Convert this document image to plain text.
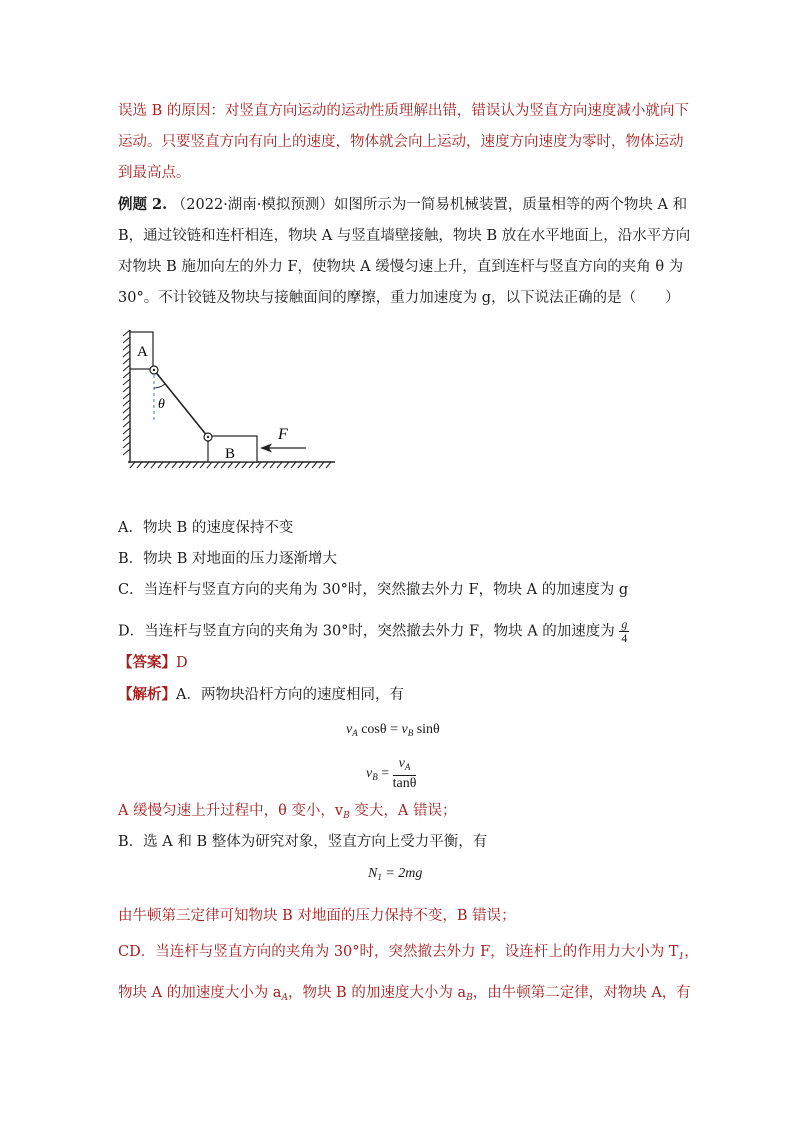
误选 B 的原因：对竖直方向运动的运动性质理解出错，错误认为竖直方向速度减小就向下
运动。只要竖直方向有向上的速度，物体就会向上运动，速度方向速度为零时，物体运动
到最高点。
例题 2. （2022·湖南·模拟预测）如图所示为一简易机械装置，质量相等的两个物块 A 和
B，通过铰链和连杆相连，物块 A 与竖直墙壁接触，物块 B 放在水平地面上，沿水平方向
对物块 B 施加向左的外力 F，使物块 A 缓慢匀速上升，直到连杆与竖直方向的夹角 θ 为
30°。不计铰链及物块与接触面间的摩擦，重力加速度为 g，以下说法正确的是（　　）
A
B
θ
F
A．物块 B 的速度保持不变
B．物块 B 对地面的压力逐渐增大
C．当连杆与竖直方向的夹角为 30°时，突然撤去外力 F，物块 A 的加速度为 g
D．当连杆与竖直方向的夹角为 30°时，突然撤去外力 F，物块 A 的加速度为 $\frac{g}{4}$
【答案】D
【解析】A．两物块沿杆方向的速度相同，有
$v_A$ $\cos\theta = v_B$ sinθ
$v_B = \frac{v_A}{\tan\theta}$
A 缓慢匀速上升过程中，θ 变小，$v_B$ 变大，A 错误；
B．选 A 和 B 整体为研究对象，竖直方向上受力平衡，有
$N_1 = 2mg$
由牛顿第三定律可知物块 B 对地面的压力保持不变，B 错误；
CD．当连杆与竖直方向的夹角为 30°时，突然撤去外力 F，设连杆上的作用力大小为 $T_1$，
物块 A 的加速度大小为 $a_A$，物块 B 的加速度大小为 $a_B$，由牛顿第二定律，对物块 A，有
